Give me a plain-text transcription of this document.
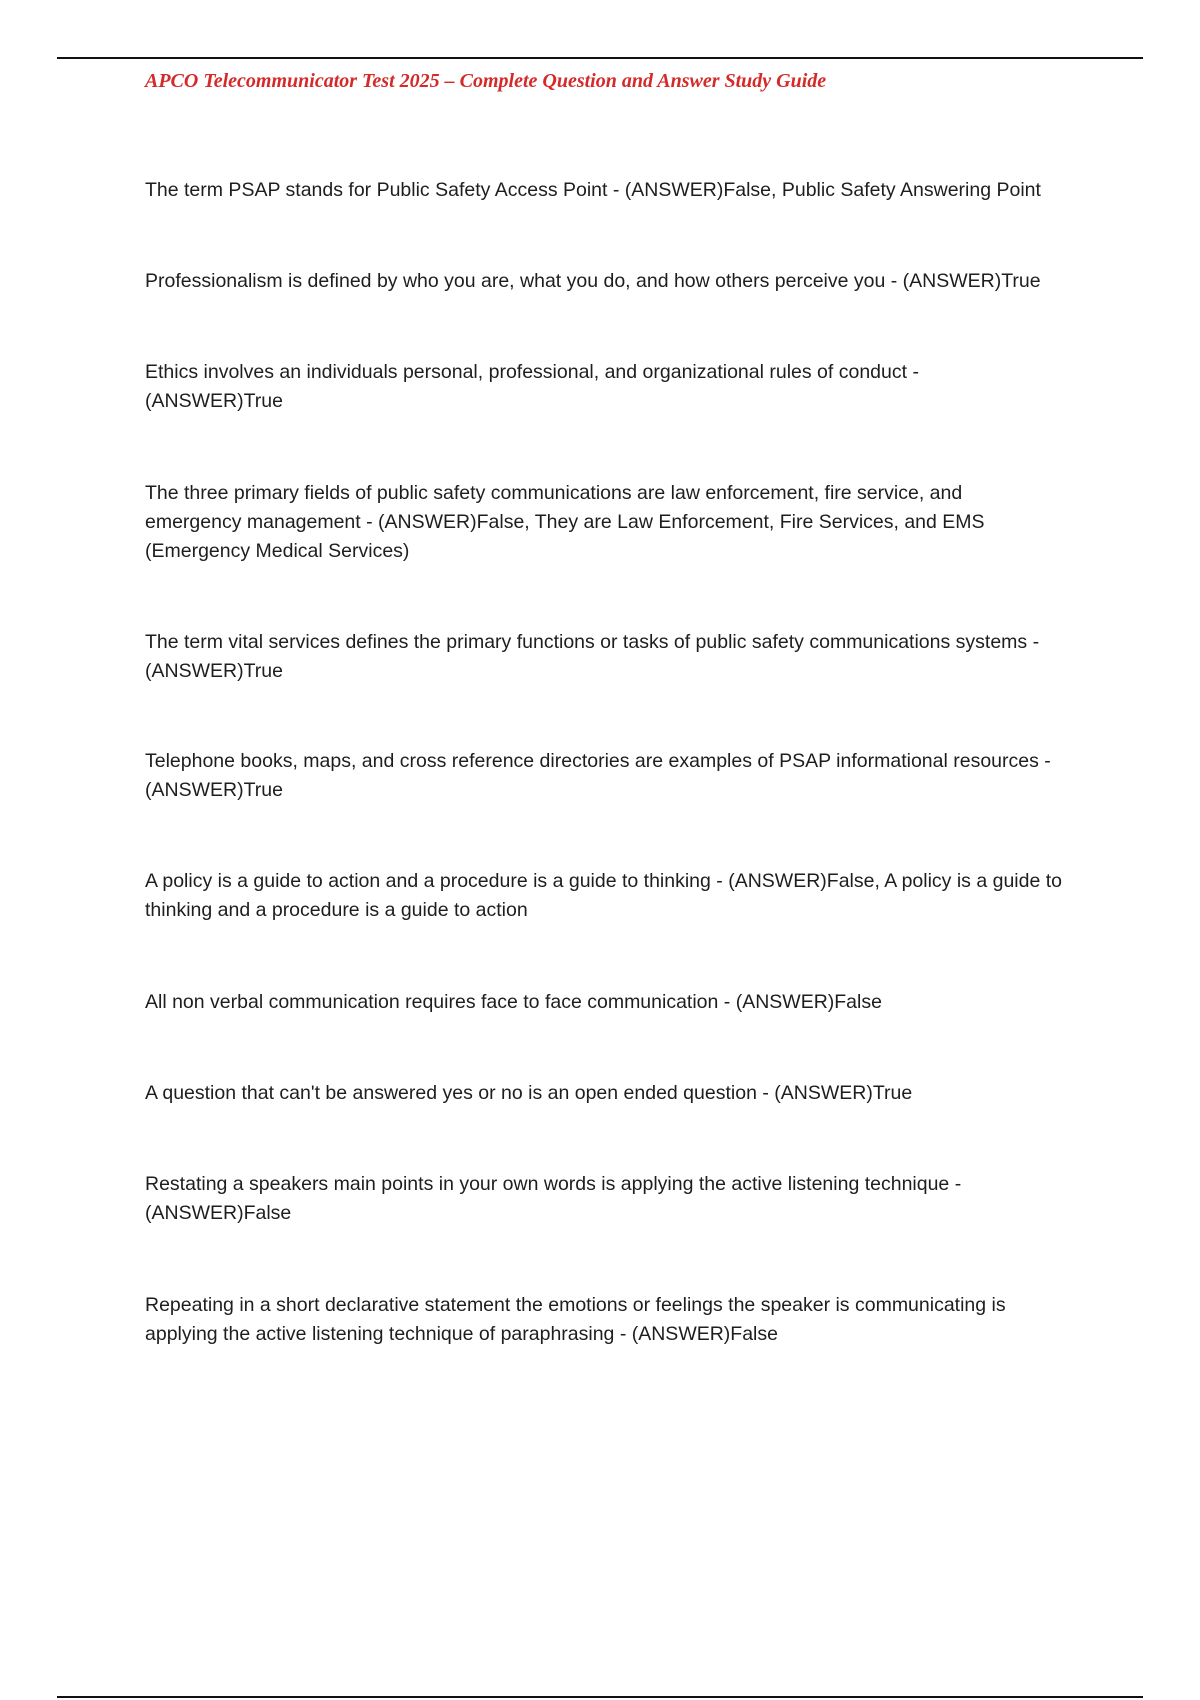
APCO Telecommunicator Test 2025 – Complete Question and Answer Study Guide

The term PSAP stands for Public Safety Access Point - (ANSWER)False, Public Safety Answering Point

Professionalism is defined by who you are, what you do, and how others perceive you - (ANSWER)True

Ethics involves an individuals personal, professional, and organizational rules of conduct - (ANSWER)True

The three primary fields of public safety communications are law enforcement, fire service, and emergency management - (ANSWER)False, They are Law Enforcement, Fire Services, and EMS (Emergency Medical Services)

The term vital services defines the primary functions or tasks of public safety communications systems - (ANSWER)True

Telephone books, maps, and cross reference directories are examples of PSAP informational resources - (ANSWER)True

A policy is a guide to action and a procedure is a guide to thinking - (ANSWER)False, A policy is a guide to thinking and a procedure is a guide to action

All non verbal communication requires face to face communication - (ANSWER)False

A question that can't be answered yes or no is an open ended question - (ANSWER)True

Restating a speakers main points in your own words is applying the active listening technique - (ANSWER)False

Repeating in a short declarative statement the emotions or feelings the speaker is communicating is applying the active listening technique of paraphrasing - (ANSWER)False
